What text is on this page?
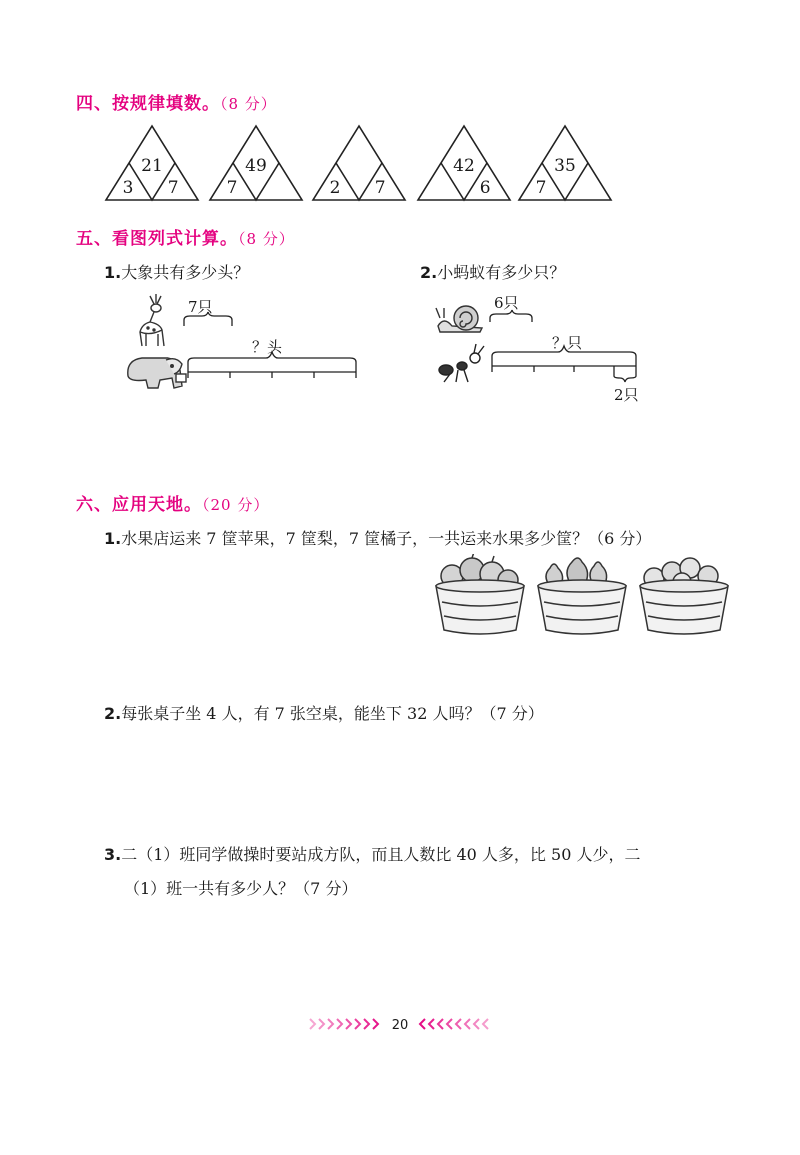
四、按规律填数。（8 分）
21
3 7
49
7	2 7
42
6
35
7
五、看图列式计算。（8 分）
1.大象共有多少头？	2.小蚂蚁有多少只？
7只
？头
6只
？只
2只
六、应用天地。（20 分）
1.水果店运来 7 筐苹果，7 筐梨，7 筐橘子，一共运来水果多少筐？（6 分）
2.每张桌子坐 4 人，有 7 张空桌，能坐下 32 人吗？（7 分）
3.二（1）班同学做操时要站成方队，而且人数比 40 人多，比 50 人少，二
（1）班一共有多少人？（7 分）
20
